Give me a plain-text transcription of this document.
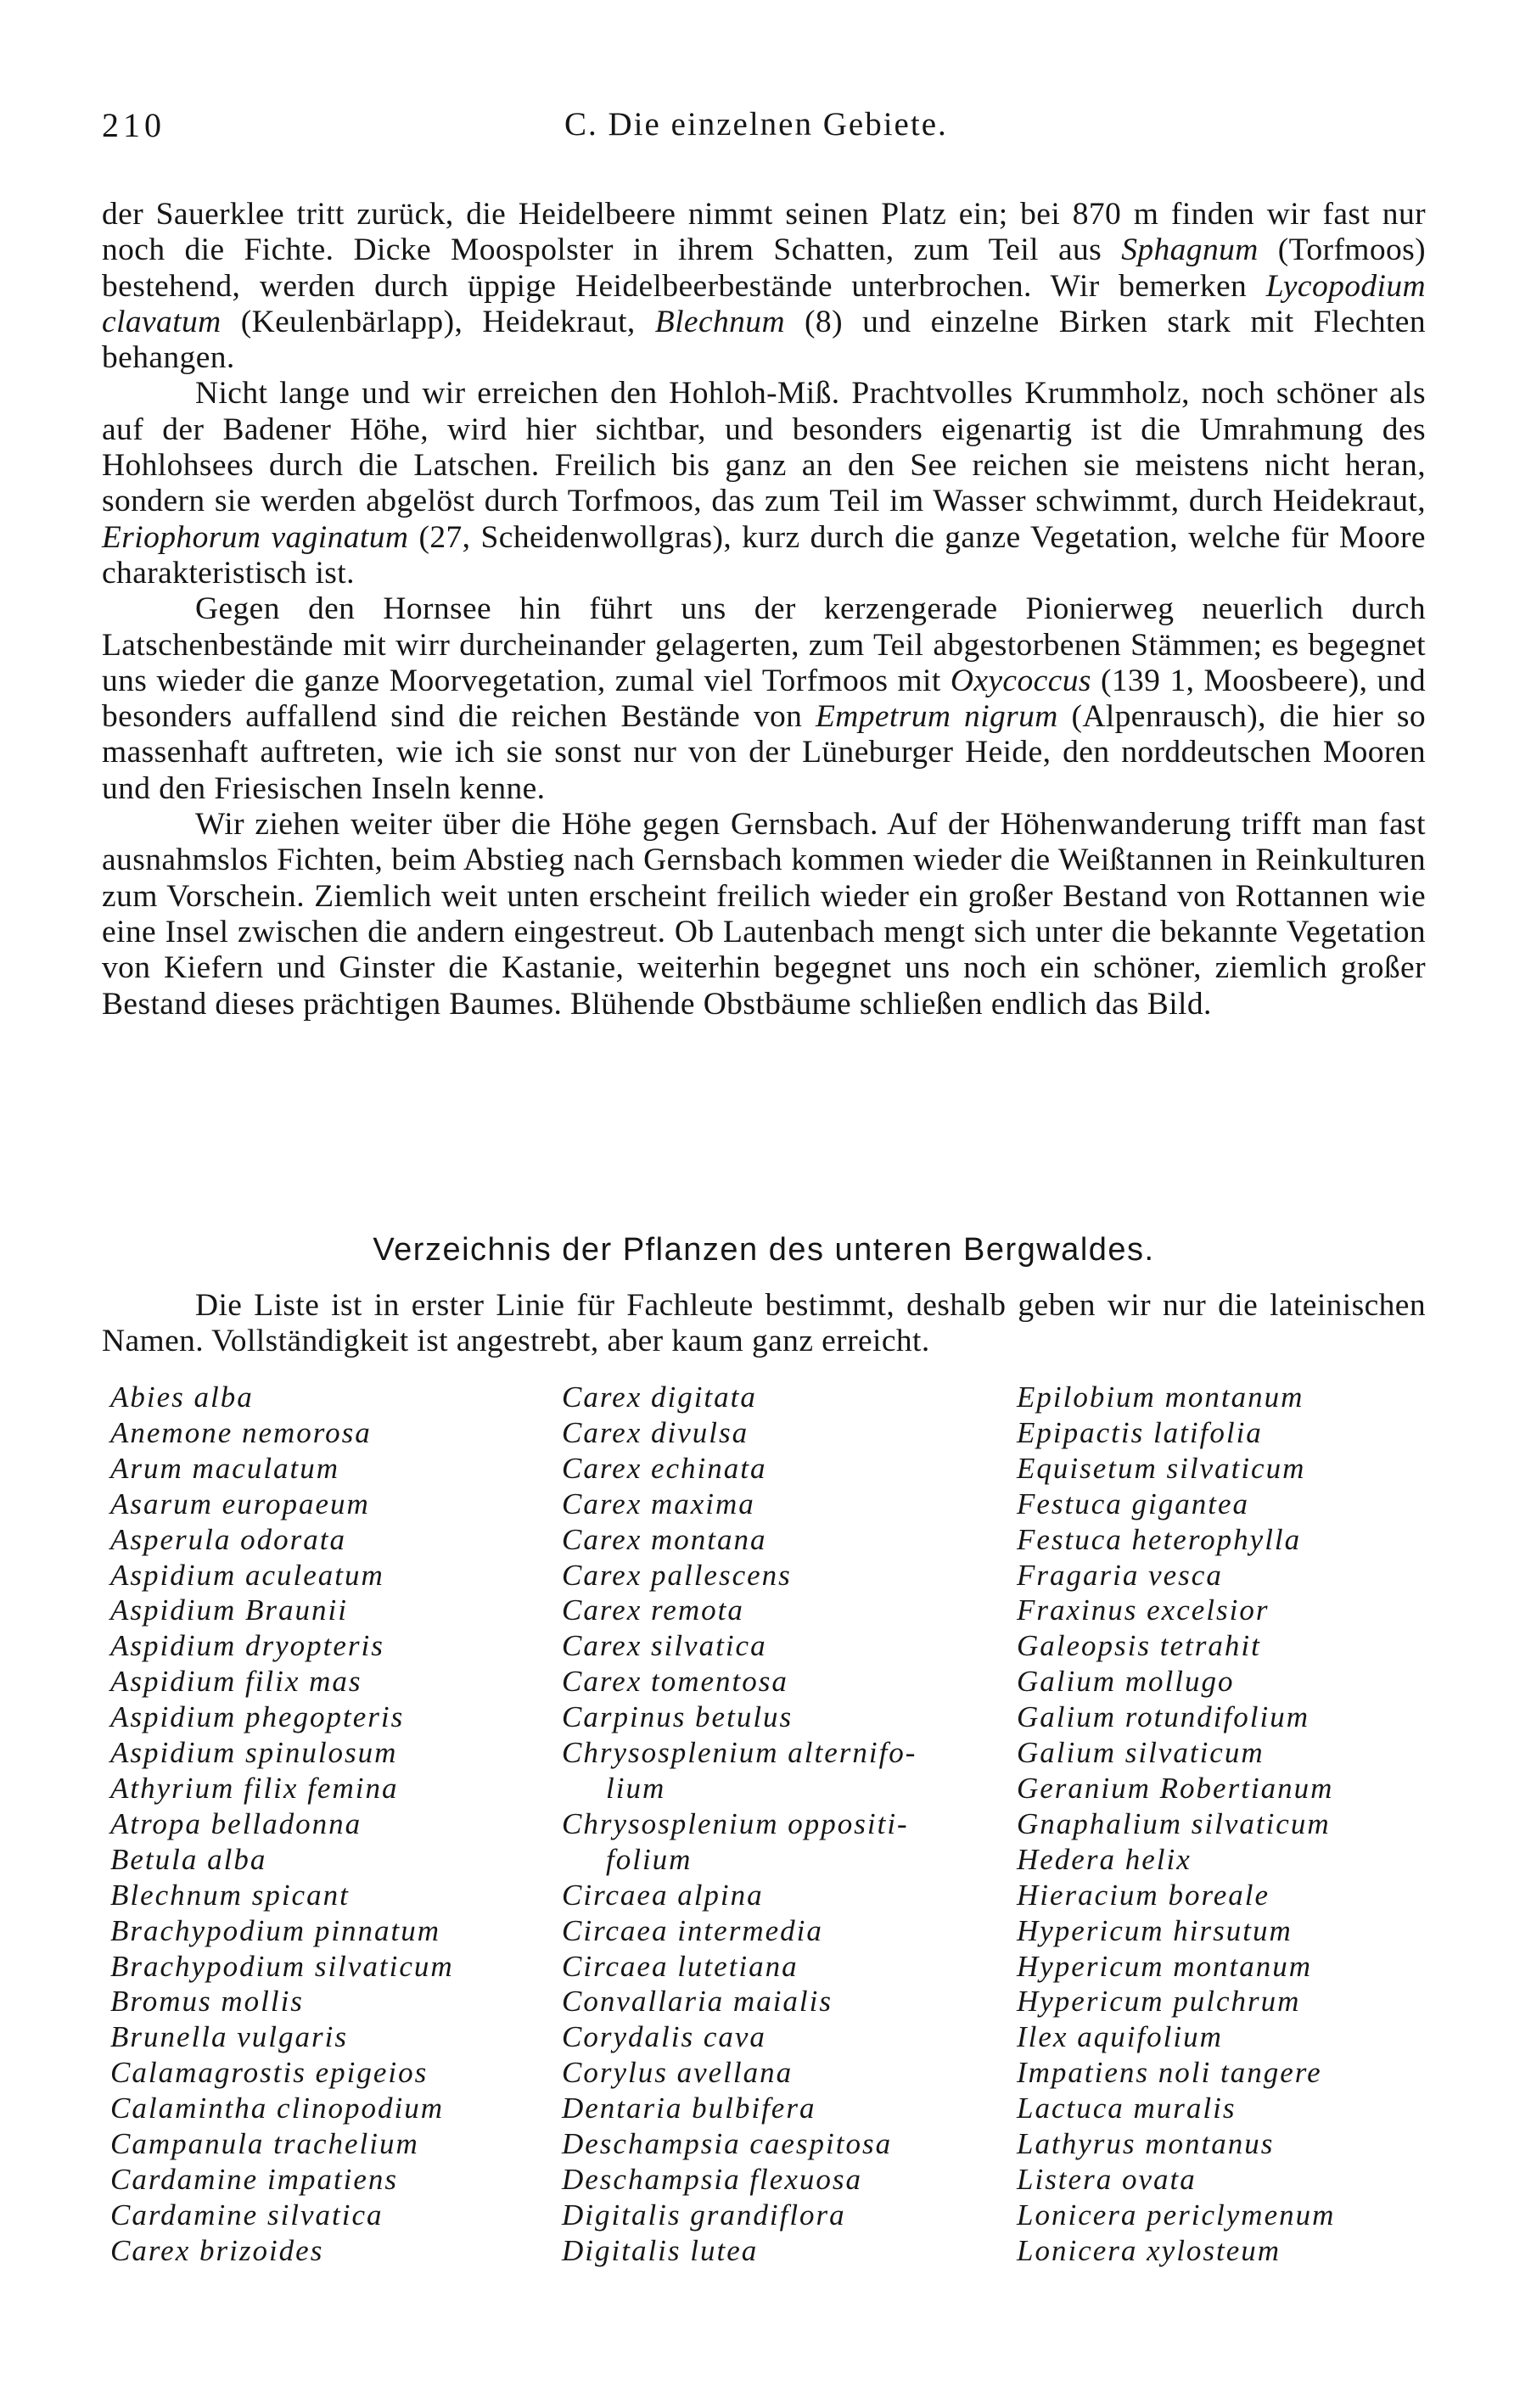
210	C. Die einzelnen Gebiete.

der Sauerklee tritt zurück, die Heidelbeere nimmt seinen Platz ein; bei 870 m finden wir fast nur noch die Fichte. Dicke Moospolster in ihrem Schatten, zum Teil aus Sphagnum (Torfmoos) bestehend, werden durch üppige Heidelbeerbestände unterbrochen. Wir bemerken Lycopodium clavatum (Keulenbärlapp), Heidekraut, Blechnum (8) und einzelne Birken stark mit Flechten behangen.

Nicht lange und wir erreichen den Hohloh-Miß. Prachtvolles Krummholz, noch schöner als auf der Badener Höhe, wird hier sichtbar, und besonders eigenartig ist die Umrahmung des Hohlohsees durch die Latschen. Freilich bis ganz an den See reichen sie meistens nicht heran, sondern sie werden abgelöst durch Torfmoos, das zum Teil im Wasser schwimmt, durch Heidekraut, Eriophorum vaginatum (27, Scheidenwollgras), kurz durch die ganze Vegetation, welche für Moore charakteristisch ist.

Gegen den Hornsee hin führt uns der kerzengerade Pionierweg neuerlich durch Latschenbestände mit wirr durcheinander gelagerten, zum Teil abgestorbenen Stämmen; es begegnet uns wieder die ganze Moorvegetation, zumal viel Torfmoos mit Oxycoccus (139 1, Moosbeere), und besonders auffallend sind die reichen Bestände von Empetrum nigrum (Alpenrausch), die hier so massenhaft auftreten, wie ich sie sonst nur von der Lüneburger Heide, den norddeutschen Mooren und den Friesischen Inseln kenne.

Wir ziehen weiter über die Höhe gegen Gernsbach. Auf der Höhenwanderung trifft man fast ausnahmslos Fichten, beim Abstieg nach Gernsbach kommen wieder die Weißtannen in Reinkulturen zum Vorschein. Ziemlich weit unten erscheint freilich wieder ein großer Bestand von Rottannen wie eine Insel zwischen die andern eingestreut. Ob Lautenbach mengt sich unter die bekannte Vegetation von Kiefern und Ginster die Kastanie, weiterhin begegnet uns noch ein schöner, ziemlich großer Bestand dieses prächtigen Baumes. Blühende Obstbäume schließen endlich das Bild.

Verzeichnis der Pflanzen des unteren Bergwaldes.

Die Liste ist in erster Linie für Fachleute bestimmt, deshalb geben wir nur die lateinischen Namen. Vollständigkeit ist angestrebt, aber kaum ganz erreicht.

Abies alba
Anemone nemorosa
Arum maculatum
Asarum europaeum
Asperula odorata
Aspidium aculeatum
Aspidium Braunii
Aspidium dryopteris
Aspidium filix mas
Aspidium phegopteris
Aspidium spinulosum
Athyrium filix femina
Atropa belladonna
Betula alba
Blechnum spicant
Brachypodium pinnatum
Brachypodium silvaticum
Bromus mollis
Brunella vulgaris
Calamagrostis epigeios
Calamintha clinopodium
Campanula trachelium
Cardamine impatiens
Cardamine silvatica
Carex brizoides
Carex digitata
Carex divulsa
Carex echinata
Carex maxima
Carex montana
Carex pallescens
Carex remota
Carex silvatica
Carex tomentosa
Carpinus betulus
Chrysosplenium alternifo-
lium
Chrysosplenium oppositi-
folium
Circaea alpina
Circaea intermedia
Circaea lutetiana
Convallaria maialis
Corydalis cava
Corylus avellana
Dentaria bulbifera
Deschampsia caespitosa
Deschampsia flexuosa
Digitalis grandiflora
Digitalis lutea
Epilobium montanum
Epipactis latifolia
Equisetum silvaticum
Festuca gigantea
Festuca heterophylla
Fragaria vesca
Fraxinus excelsior
Galeopsis tetrahit
Galium mollugo
Galium rotundifolium
Galium silvaticum
Geranium Robertianum
Gnaphalium silvaticum
Hedera helix
Hieracium boreale
Hypericum hirsutum
Hypericum montanum
Hypericum pulchrum
Ilex aquifolium
Impatiens noli tangere
Lactuca muralis
Lathyrus montanus
Listera ovata
Lonicera periclymenum
Lonicera xylosteum
